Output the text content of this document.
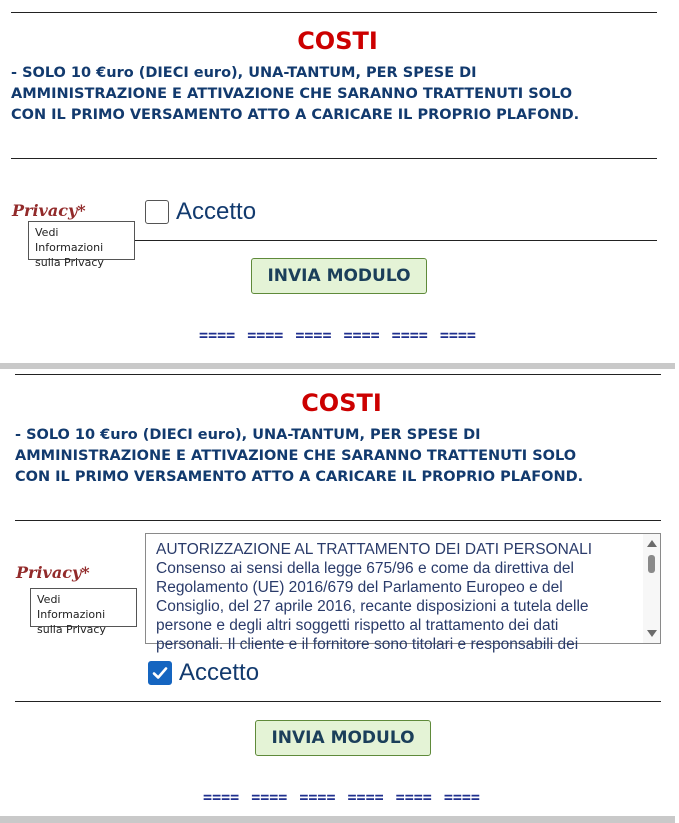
COSTI
- SOLO 10 €uro (DIECI euro), UNA-TANTUM, PER SPESE DI
AMMINISTRAZIONE E ATTIVAZIONE CHE SARANNO TRATTENUTI SOLO
CON IL PRIMO VERSAMENTO ATTO A CARICARE IL PROPRIO PLAFOND.
Privacy*
Vedi Informazioni
sulla Privacy
Accetto
INVIA MODULO
==== ==== ==== ==== ==== ====
COSTI
- SOLO 10 €uro (DIECI euro), UNA-TANTUM, PER SPESE DI
AMMINISTRAZIONE E ATTIVAZIONE CHE SARANNO TRATTENUTI SOLO
CON IL PRIMO VERSAMENTO ATTO A CARICARE IL PROPRIO PLAFOND.
Privacy*
Vedi Informazioni
sulla Privacy
AUTORIZZAZIONE AL TRATTAMENTO DEI DATI PERSONALI
Consenso ai sensi della legge 675/96 e come da direttiva del
Regolamento (UE) 2016/679 del Parlamento Europeo e del
Consiglio, del 27 aprile 2016, recante disposizioni a tutela delle
persone e degli altri soggetti rispetto al trattamento dei dati
personali. Il cliente e il fornitore sono titolari e responsabili dei
Accetto
INVIA MODULO
==== ==== ==== ==== ==== ====
